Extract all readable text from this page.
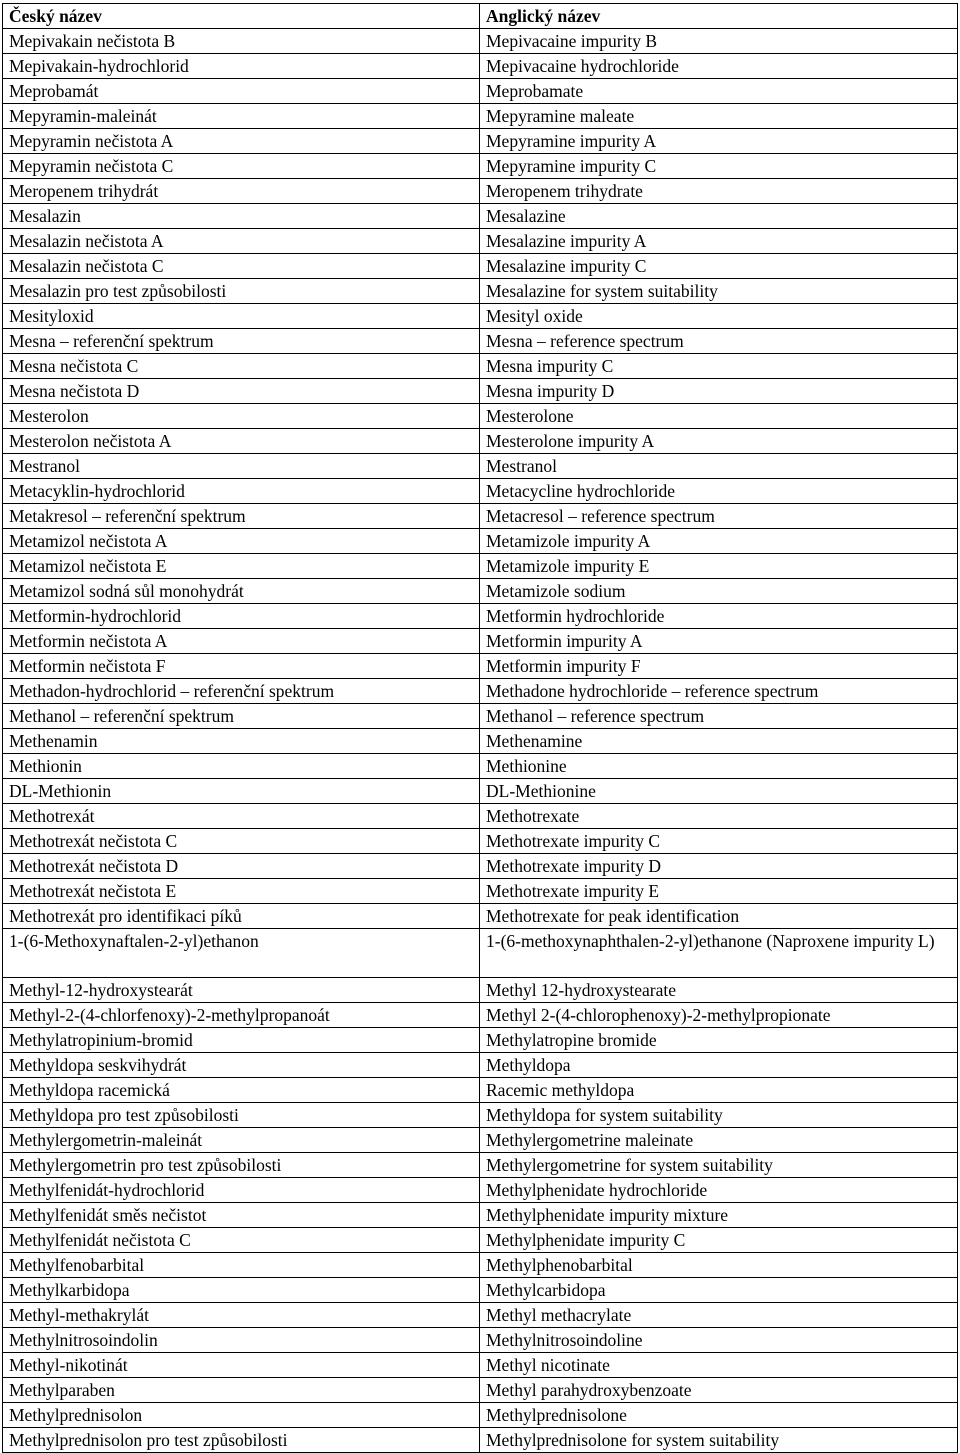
Český název	Anglický název
Mepivakain nečistota B	Mepivacaine impurity B
Mepivakain-hydrochlorid	Mepivacaine hydrochloride
Meprobamát	Meprobamate
Mepyramin-maleinát	Mepyramine maleate
Mepyramin nečistota A	Mepyramine impurity A
Mepyramin nečistota C	Mepyramine impurity C
Meropenem trihydrát	Meropenem trihydrate
Mesalazin	Mesalazine
Mesalazin nečistota A	Mesalazine impurity A
Mesalazin nečistota C	Mesalazine impurity C
Mesalazin pro test způsobilosti	Mesalazine for system suitability
Mesityloxid	Mesityl oxide
Mesna – referenční spektrum	Mesna – reference spectrum
Mesna nečistota C	Mesna impurity C
Mesna nečistota D	Mesna impurity D
Mesterolon	Mesterolone
Mesterolon nečistota A	Mesterolone impurity A
Mestranol	Mestranol
Metacyklin-hydrochlorid	Metacycline hydrochloride
Metakresol – referenční spektrum	Metacresol – reference spectrum
Metamizol nečistota A	Metamizole impurity A
Metamizol nečistota E	Metamizole impurity E
Metamizol sodná sůl monohydrát	Metamizole sodium
Metformin-hydrochlorid	Metformin hydrochloride
Metformin nečistota A	Metformin impurity A
Metformin nečistota F	Metformin impurity F
Methadon-hydrochlorid – referenční spektrum	Methadone hydrochloride – reference spectrum
Methanol – referenční spektrum	Methanol – reference spectrum
Methenamin	Methenamine
Methionin	Methionine
DL-Methionin	DL-Methionine
Methotrexát	Methotrexate
Methotrexát nečistota C	Methotrexate impurity C
Methotrexát nečistota D	Methotrexate impurity D
Methotrexát nečistota E	Methotrexate impurity E
Methotrexát pro identifikaci píků	Methotrexate for peak identification
1-(6-Methoxynaftalen-2-yl)ethanon	1-(6-methoxynaphthalen-2-yl)ethanone (Naproxene impurity L)
Methyl-12-hydroxystearát	Methyl 12-hydroxystearate
Methyl-2-(4-chlorfenoxy)-2-methylpropanoát	Methyl 2-(4-chlorophenoxy)-2-methylpropionate
Methylatropinium-bromid	Methylatropine bromide
Methyldopa seskvihydrát	Methyldopa
Methyldopa racemická	Racemic methyldopa
Methyldopa pro test způsobilosti	Methyldopa for system suitability
Methylergometrin-maleinát	Methylergometrine maleinate
Methylergometrin pro test způsobilosti	Methylergometrine for system suitability
Methylfenidát-hydrochlorid	Methylphenidate hydrochloride
Methylfenidát směs nečistot	Methylphenidate impurity mixture
Methylfenidát nečistota C	Methylphenidate impurity C
Methylfenobarbital	Methylphenobarbital
Methylkarbidopa	Methylcarbidopa
Methyl-methakrylát	Methyl methacrylate
Methylnitrosoindolin	Methylnitrosoindoline
Methyl-nikotinát	Methyl nicotinate
Methylparaben	Methyl parahydroxybenzoate
Methylprednisolon	Methylprednisolone
Methylprednisolon pro test způsobilosti	Methylprednisolone for system suitability
